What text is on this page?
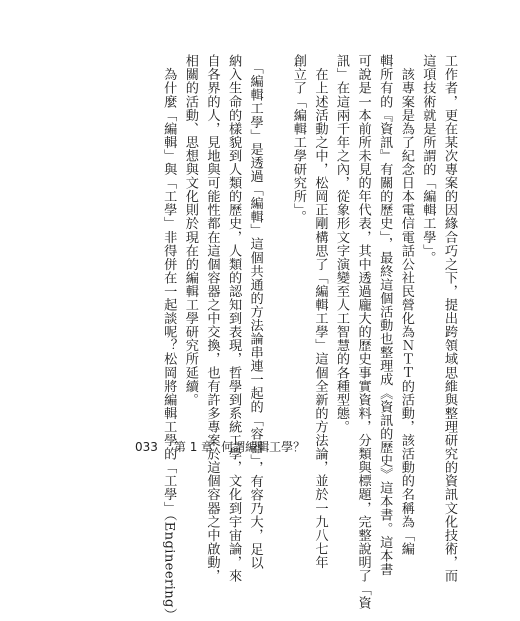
工作者，更在某次專案的因緣合巧之下，提出跨領域思維與整理研究的資訊文化技術，而
這項技術就是所謂的「編輯工學」。
　該專案是為了紀念日本電信電話公社民營化為ＮＴＴ的活動，該活動的名稱為「編
輯所有的『資訊』有關的歷史」，最終這個活動也整理成《資訊的歷史》這本書。這本書
可說是一本前所未見的年代表，其中透過龐大的歷史事實資料，分類與標題，完整說明了「資
訊」在這兩千年之內，從象形文字演變至人工智慧的各種型態。
　在上述活動之中，松岡正剛構思了「編輯工學」這個全新的方法論，並於一九八七年
創立了「編輯工學研究所」。

　「編輯工學」是透過「編輯」這個共通的方法論串連一起的「容器」，有容乃大，足以
納入生命的樣貌到人類的歷史，人類的認知到表現，哲學到系統工學，文化到宇宙論，來
自各界的人，見地與可能性都在這個容器之中交換，也有許多專案於這個容器之中啟動，
相關的活動、思想與文化則於現在的編輯工學研究所延續。
　為什麼「編輯」與「工學」非得併在一起談呢？松岡將編輯工學的「工學」（Engineering）
033 第 1 章 何謂編輯工學？
